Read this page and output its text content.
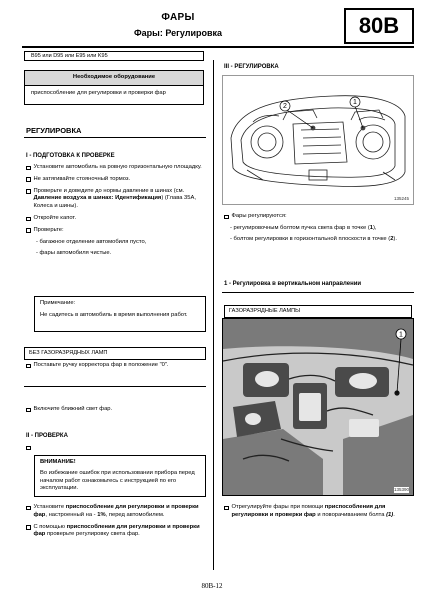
ФАРЫ
Фары: Регулировка	80B
B95 или D95 или E95 или K95
Необходимое оборудование
приспособление для регулировки и проверки фар
РЕГУЛИРОВКА
I - ПОДГОТОВКА К ПРОВЕРКЕ
Установите автомобиль на ровную горизонтальную площадку.
Не затягивайте стояночный тормоз.
Проверьте и доведите до нормы давление в шинах (см. Давление воздуха в шинах: Идентификация) (Глава 35А, Колеса и шины).
Откройте капот.
Проверьте:
- багажное отделение автомобиля пусто,
- фары автомобиля чистые.
Примечание:
Не садитесь в автомобиль в время выполнения работ.
БЕЗ ГАЗОРАЗРЯДНЫХ ЛАМП
Поставьте ручку корректора фар в положение "0".
Включите ближний свет фар.
II - ПРОВЕРКА
ВНИМАНИЕ!
Во избежание ошибок при использовании прибора перед началом работ ознакомьтесь с инструкцией по его эксплуатации.
Установите приспособление для регулировки и проверки фар, настроенный на - 1%, перед автомобилем.
С помощью приспособления для регулировки и проверки фар проверьте регулировку света фар.
III - РЕГУЛИРОВКА
2
1
135245
Фары регулируются:
- регулировочным болтом пучка света фар в точке (1),
- болтом регулировки в горизонтальной плоскости в точке (2).
1 - Регулировка в вертикальном направлении
ГАЗОРАЗРЯДНЫЕ ЛАМПЫ
1
135390
Отрегулируйте фары при помощи приспособления для регулировки и проверки фар и поворачиванием болта (1).
80B-12
